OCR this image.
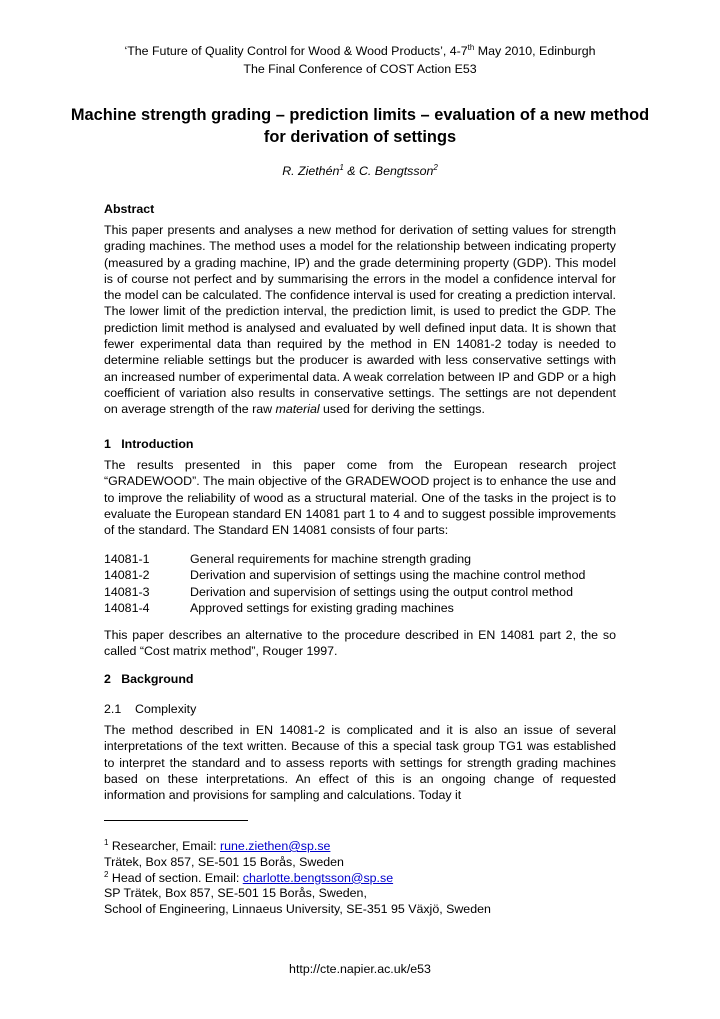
‘The Future of Quality Control for Wood & Wood Products’, 4-7th May 2010, Edinburgh
The Final Conference of COST Action E53
Machine strength grading – prediction limits – evaluation of a new method for derivation of settings
R. Ziethén$^1$ & C. Bengtsson$^2$
Abstract
This paper presents and analyses a new method for derivation of setting values for strength grading machines. The method uses a model for the relationship between indicating property (measured by a grading machine, IP) and the grade determining property (GDP). This model is of course not perfect and by summarising the errors in the model a confidence interval for the model can be calculated. The confidence interval is used for creating a prediction interval. The lower limit of the prediction interval, the prediction limit, is used to predict the GDP. The prediction limit method is analysed and evaluated by well defined input data. It is shown that fewer experimental data than required by the method in EN 14081-2 today is needed to determine reliable settings but the producer is awarded with less conservative settings with an increased number of experimental data. A weak correlation between IP and GDP or a high coefficient of variation also results in conservative settings. The settings are not dependent on average strength of the raw material used for deriving the settings.
1   Introduction
The results presented in this paper come from the European research project “GRADEWOOD”. The main objective of the GRADEWOOD project is to enhance the use and to improve the reliability of wood as a structural material. One of the tasks in the project is to evaluate the European standard EN 14081 part 1 to 4 and to suggest possible improvements of the standard. The Standard EN 14081 consists of four parts:
14081-1	General requirements for machine strength grading
14081-2	Derivation and supervision of settings using the machine control method
14081-3	Derivation and supervision of settings using the output control method
14081-4	Approved settings for existing grading machines
This paper describes an alternative to the procedure described in EN 14081 part 2, the so called “Cost matrix method”, Rouger 1997.
2   Background
2.1    Complexity
The method described in EN 14081-2 is complicated and it is also an issue of several interpretations of the text written. Because of this a special task group TG1 was established to interpret the standard and to assess reports with settings for strength grading machines based on these interpretations. An effect of this is an ongoing change of requested information and provisions for sampling and calculations. Today it
$^1$ Researcher, Email: rune.ziethen@sp.se
Trätek, Box 857, SE-501 15 Borås, Sweden
$^2$ Head of section. Email: charlotte.bengtsson@sp.se
SP Trätek, Box 857, SE-501 15 Borås, Sweden,
School of Engineering, Linnaeus University, SE-351 95 Växjö, Sweden
http://cte.napier.ac.uk/e53
